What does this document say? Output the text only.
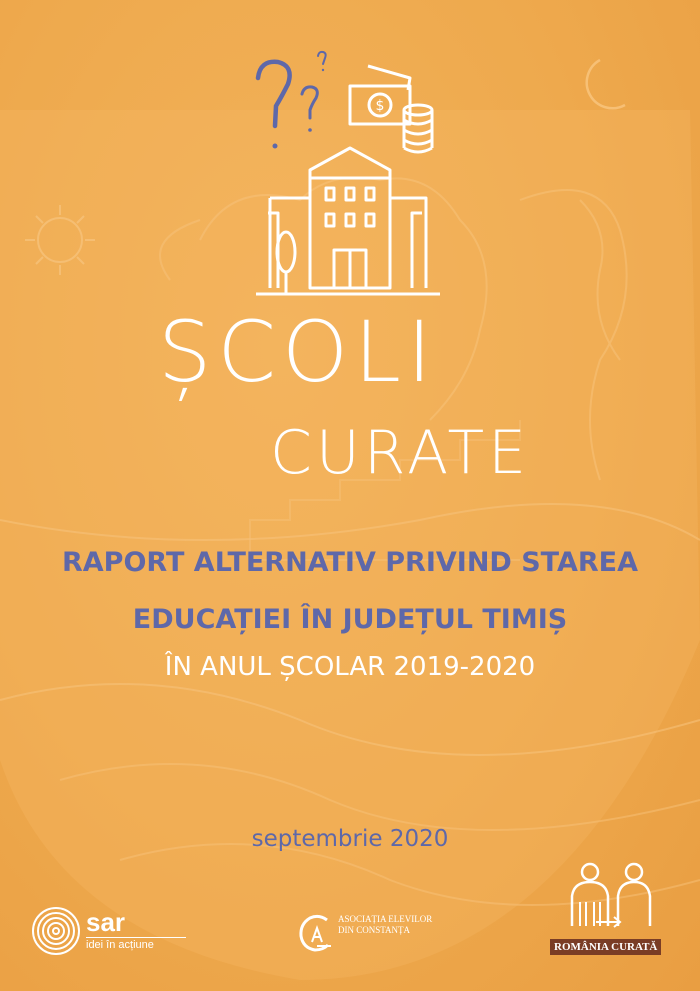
$
ȘCOLI
CURATE
RAPORT ALTERNATIV PRIVIND STAREA
EDUCAȚIEI ÎN JUDEȚUL TIMIȘ
ÎN ANUL ȘCOLAR 2019-2020
septembrie 2020
sar
idei în acțiune
ASOCIAȚIA ELEVILOR DIN CONSTANȚA
ROMÂNIA CURATĂ
